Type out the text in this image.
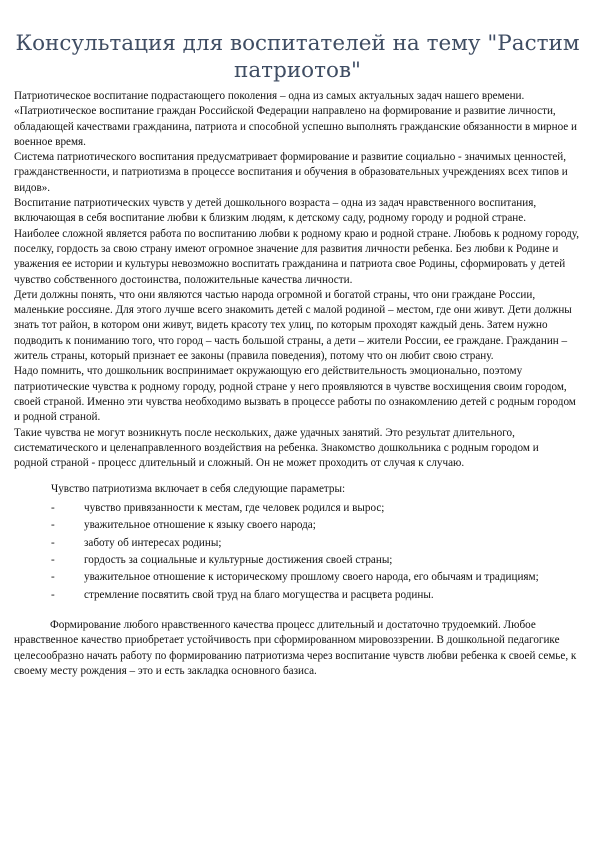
Консультация для воспитателей на тему "Растим патриотов"

Патриотическое воспитание подрастающего поколения – одна из самых актуальных задач нашего времени.

«Патриотическое воспитание граждан Российской Федерации направлено на формирование и развитие личности, обладающей качествами гражданина, патриота и способной успешно выполнять гражданские обязанности в мирное и военное время.

Система патриотического воспитания предусматривает формирование и развитие социально - значимых ценностей, гражданственности, и патриотизма в процессе воспитания и обучения в образовательных учреждениях всех типов и видов».

Воспитание патриотических чувств у детей дошкольного возраста – одна из задач нравственного воспитания, включающая в себя воспитание любви к близким людям, к детскому саду, родному городу и родной стране.

Наиболее сложной является работа по воспитанию любви к родному краю и родной стране. Любовь к родному городу, поселку, гордость за свою страну имеют огромное значение для развития личности ребенка. Без любви к Родине и уважения ее истории и культуры невозможно воспитать гражданина и патриота свое Родины, сформировать у детей чувство собственного достоинства, положительные качества личности.

Дети должны понять, что они являются частью народа огромной и богатой страны, что они граждане России, маленькие россияне. Для этого лучше всего знакомить детей с малой родиной – местом, где они живут. Дети должны знать тот район, в котором они живут, видеть красоту тех улиц, по которым проходят каждый день. Затем нужно подводить к пониманию того, что город – часть большой страны, а дети – жители России, ее граждане. Гражданин – житель страны, который признает ее законы (правила поведения), потому что он любит свою страну.

Надо помнить, что дошкольник воспринимает окружающую его действительность эмоционально, поэтому патриотические чувства к родному городу, родной стране у него проявляются в чувстве восхищения своим городом, своей страной. Именно эти чувства необходимо вызвать в процессе работы по ознакомлению детей с родным городом и родной страной.

Такие чувства не могут возникнуть после нескольких, даже удачных занятий. Это результат длительного, систематического и целенаправленного воздействия на ребенка. Знакомство дошкольника с родным городом и

родной страной - процесс длительный и сложный. Он не может проходить от случая к случаю.

Чувство патриотизма включает в себя следующие параметры:

-	чувство привязанности к местам, где человек родился и вырос;
-	уважительное отношение к языку своего народа;
-	заботу об интересах родины;
-	гордость за социальные и культурные достижения своей страны;
-	уважительное отношение к историческому прошлому своего народа, его обычаям и традициям;
-	стремление посвятить свой труд на благо могущества и расцвета родины.

Формирование любого нравственного качества процесс длительный и достаточно трудоемкий. Любое нравственное качество приобретает устойчивость при сформированном мировоззрении. В дошкольной педагогике целесообразно начать работу по формированию патриотизма через воспитание чувств любви ребенка к своей семье, к своему месту рождения – это и есть закладка основного базиса.
